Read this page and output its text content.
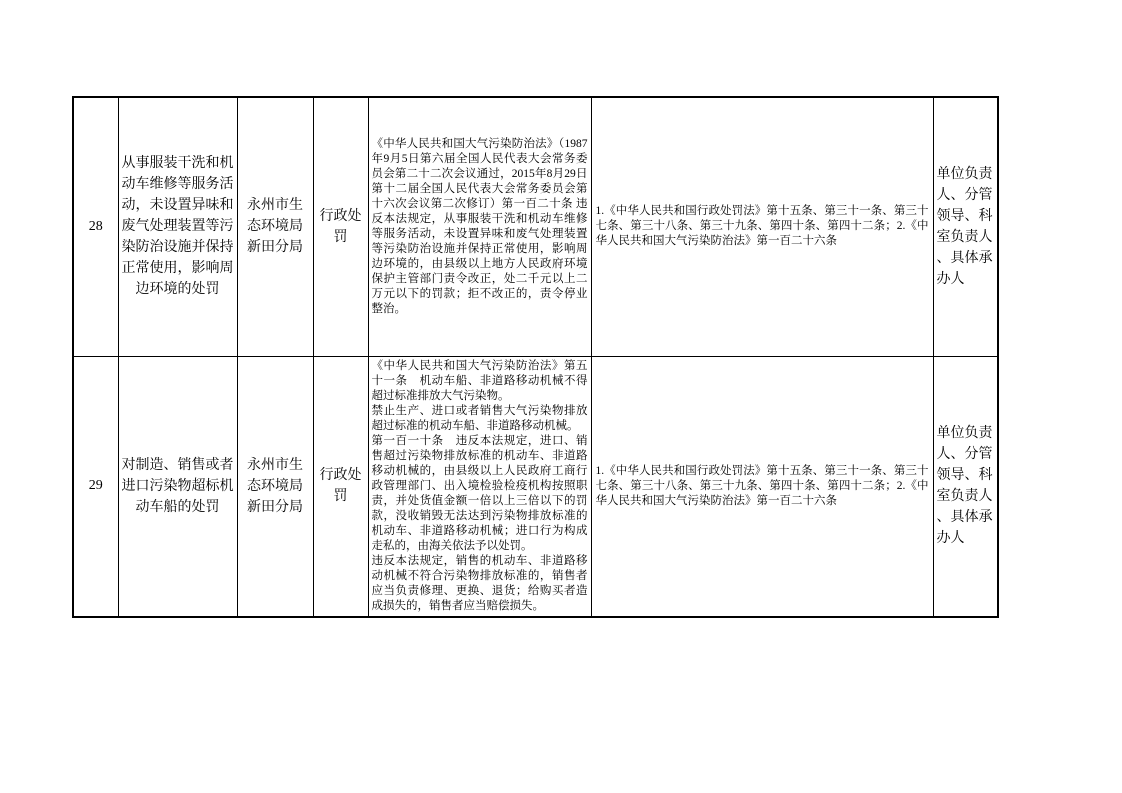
28	从事服装干洗和机动车维修等服务活动，未设置异味和废气处理装置等污染防治设施并保持正常使用，影响周边环境的处罚	永州市生态环境局新田分局	行政处罚	《中华人民共和国大气污染防治法》（1987年9月5日第六届全国人民代表大会常务委员会第二十二次会议通过，2015年8月29日第十二届全国人民代表大会常务委员会第十六次会议第二次修订）第一百二十条 违反本法规定，从事服装干洗和机动车维修等服务活动，未设置异味和废气处理装置等污染防治设施并保持正常使用，影响周边环境的，由县级以上地方人民政府环境保护主管部门责令改正，处二千元以上二万元以下的罚款；拒不改正的，责令停业整治。	1.《中华人民共和国行政处罚法》第十五条、第三十一条、第三十七条、第三十八条、第三十九条、第四十条、第四十二条；2.《中华人民共和国大气污染防治法》第一百二十六条	单位负责人、分管领导、科室负责人、具体承办人
29	对制造、销售或者进口污染物超标机动车船的处罚	永州市生态环境局新田分局	行政处罚	《中华人民共和国大气污染防治法》第五十一条　机动车船、非道路移动机械不得超过标准排放大气污染物。
禁止生产、进口或者销售大气污染物排放超过标准的机动车船、非道路移动机械。
第一百一十条　违反本法规定，进口、销售超过污染物排放标准的机动车、非道路移动机械的，由县级以上人民政府工商行政管理部门、出入境检验检疫机构按照职责，并处货值金额一倍以上三倍以下的罚款，没收销毁无法达到污染物排放标准的机动车、非道路移动机械；进口行为构成走私的，由海关依法予以处罚。
违反本法规定，销售的机动车、非道路移动机械不符合污染物排放标准的，销售者应当负责修理、更换、退货；给购买者造成损失的，销售者应当赔偿损失。	1.《中华人民共和国行政处罚法》第十五条、第三十一条、第三十七条、第三十八条、第三十九条、第四十条、第四十二条；2.《中华人民共和国大气污染防治法》第一百二十六条	单位负责人、分管领导、科室负责人、具体承办人
